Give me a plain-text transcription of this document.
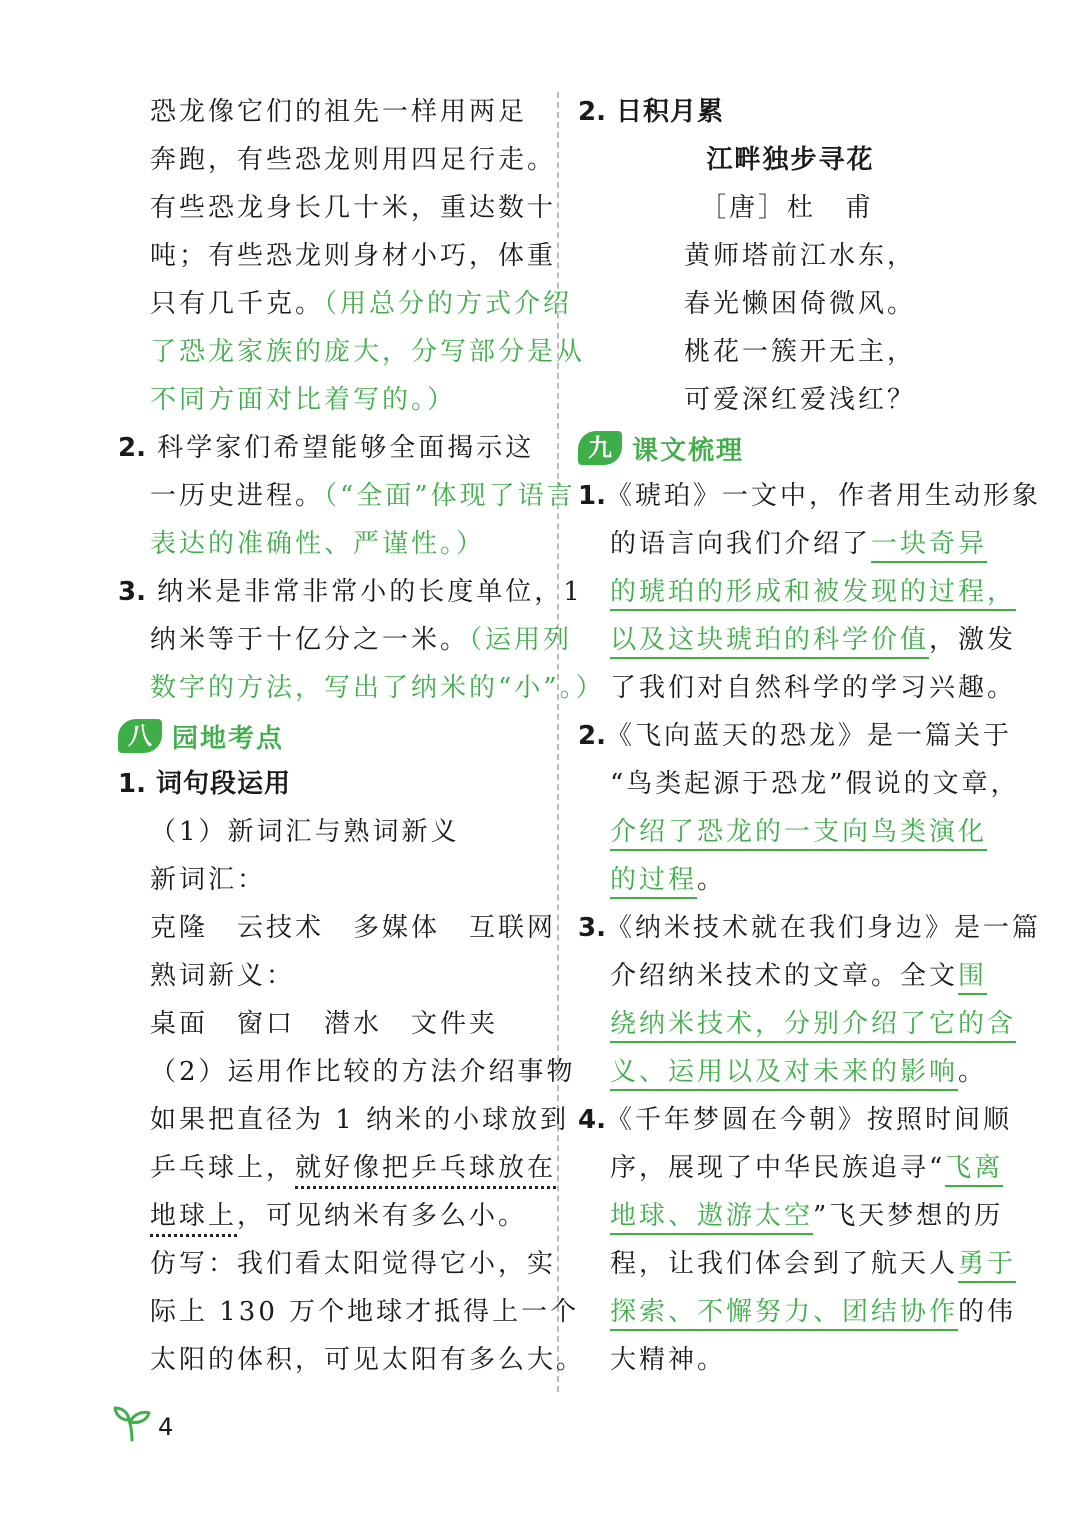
恐龙像它们的祖先一样用两足
奔跑，有些恐龙则用四足行走。
有些恐龙身长几十米，重达数十
吨；有些恐龙则身材小巧，体重
只有几千克。（用总分的方式介绍
了恐龙家族的庞大，分写部分是从
不同方面对比着写的。）
2. 科学家们希望能够全面揭示这
一历史进程。（“全面”体现了语言
表达的准确性、严谨性。）
3. 纳米是非常非常小的长度单位，1
纳米等于十亿分之一米。（运用列
数字的方法，写出了纳米的“小”。）
八 园地考点
1. 词句段运用
（1）新词汇与熟词新义
新词汇：
克隆　云技术　多媒体　互联网
熟词新义：
桌面　窗口　潜水　文件夹
（2）运用作比较的方法介绍事物
如果把直径为 1 纳米的小球放到
乒乓球上，就好像把乒乓球放在
地球上，可见纳米有多么小。
仿写：我们看太阳觉得它小，实
际上 130 万个地球才抵得上一个
太阳的体积，可见太阳有多么大。
2. 日积月累
江畔独步寻花
［唐］杜　甫
黄师塔前江水东，
春光懒困倚微风。
桃花一簇开无主，
可爱深红爱浅红？
九 课文梳理
1.《琥珀》一文中，作者用生动形象
的语言向我们介绍了一块奇异
的琥珀的形成和被发现的过程，
以及这块琥珀的科学价值，激发
了我们对自然科学的学习兴趣。
2.《飞向蓝天的恐龙》是一篇关于
“鸟类起源于恐龙”假说的文章，
介绍了恐龙的一支向鸟类演化
的过程。
3.《纳米技术就在我们身边》是一篇
介绍纳米技术的文章。全文围
绕纳米技术，分别介绍了它的含
义、运用以及对未来的影响。
4.《千年梦圆在今朝》按照时间顺
序，展现了中华民族追寻“飞离
地球、遨游太空”飞天梦想的历
程，让我们体会到了航天人勇于
探索、不懈努力、团结协作的伟
大精神。
4
